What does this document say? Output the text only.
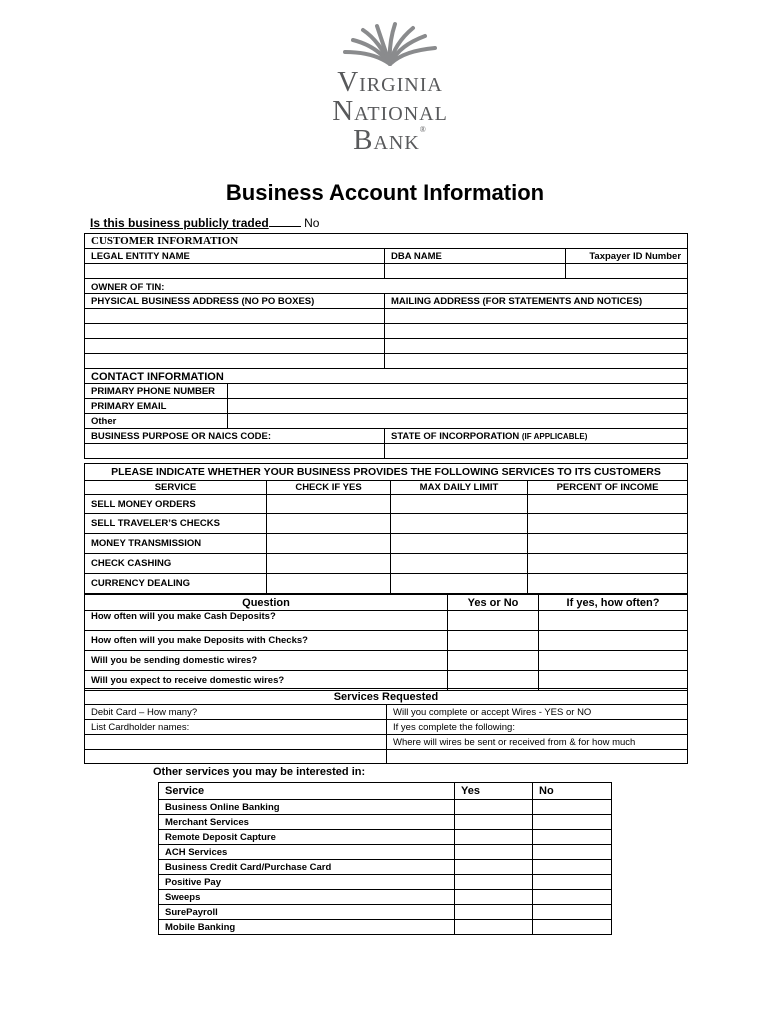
Virginia
National
Bank®
Business Account Information
Is this business publicly traded	No
CUSTOMER INFORMATION			
LEGAL ENTITY NAME		DBA NAME	Taxpayer ID Number

OWNER OF TIN:			
PHYSICAL BUSINESS ADDRESS (NO PO BOXES)		MAILING ADDRESS (FOR STATEMENTS AND NOTICES)	

CONTACT INFORMATION			
PRIMARY PHONE NUMBER			
PRIMARY EMAIL			
Other			
BUSINESS PURPOSE OR NAICS CODE:		STATE OF INCORPORATION (IF APPLICABLE)	

PLEASE INDICATE WHETHER YOUR BUSINESS PROVIDES THE FOLLOWING SERVICES TO ITS CUSTOMERS			
SERVICE	CHECK IF YES	MAX DAILY LIMIT	PERCENT OF INCOME
SELL MONEY ORDERS			
SELL TRAVELER’S CHECKS			
MONEY TRANSMISSION			
CHECK CASHING			
CURRENCY DEALING			
Question	Yes or No	If yes, how often?
How often will you make Cash Deposits?		
How often will you make Deposits with Checks?		
Will you be sending domestic wires?		
Will you expect to receive domestic wires?		
Services Requested	
Debit Card – How many?	Will you complete or accept Wires - YES or NO
List Cardholder names:	If yes complete the following:
	Where will wires be sent or received from & for how much

Other services you may be interested in:
Service	Yes	No
Business Online Banking		
Merchant Services		
Remote Deposit Capture		
ACH Services		
Business Credit Card/Purchase Card		
Positive Pay		
Sweeps		
SurePayroll		
Mobile Banking		
